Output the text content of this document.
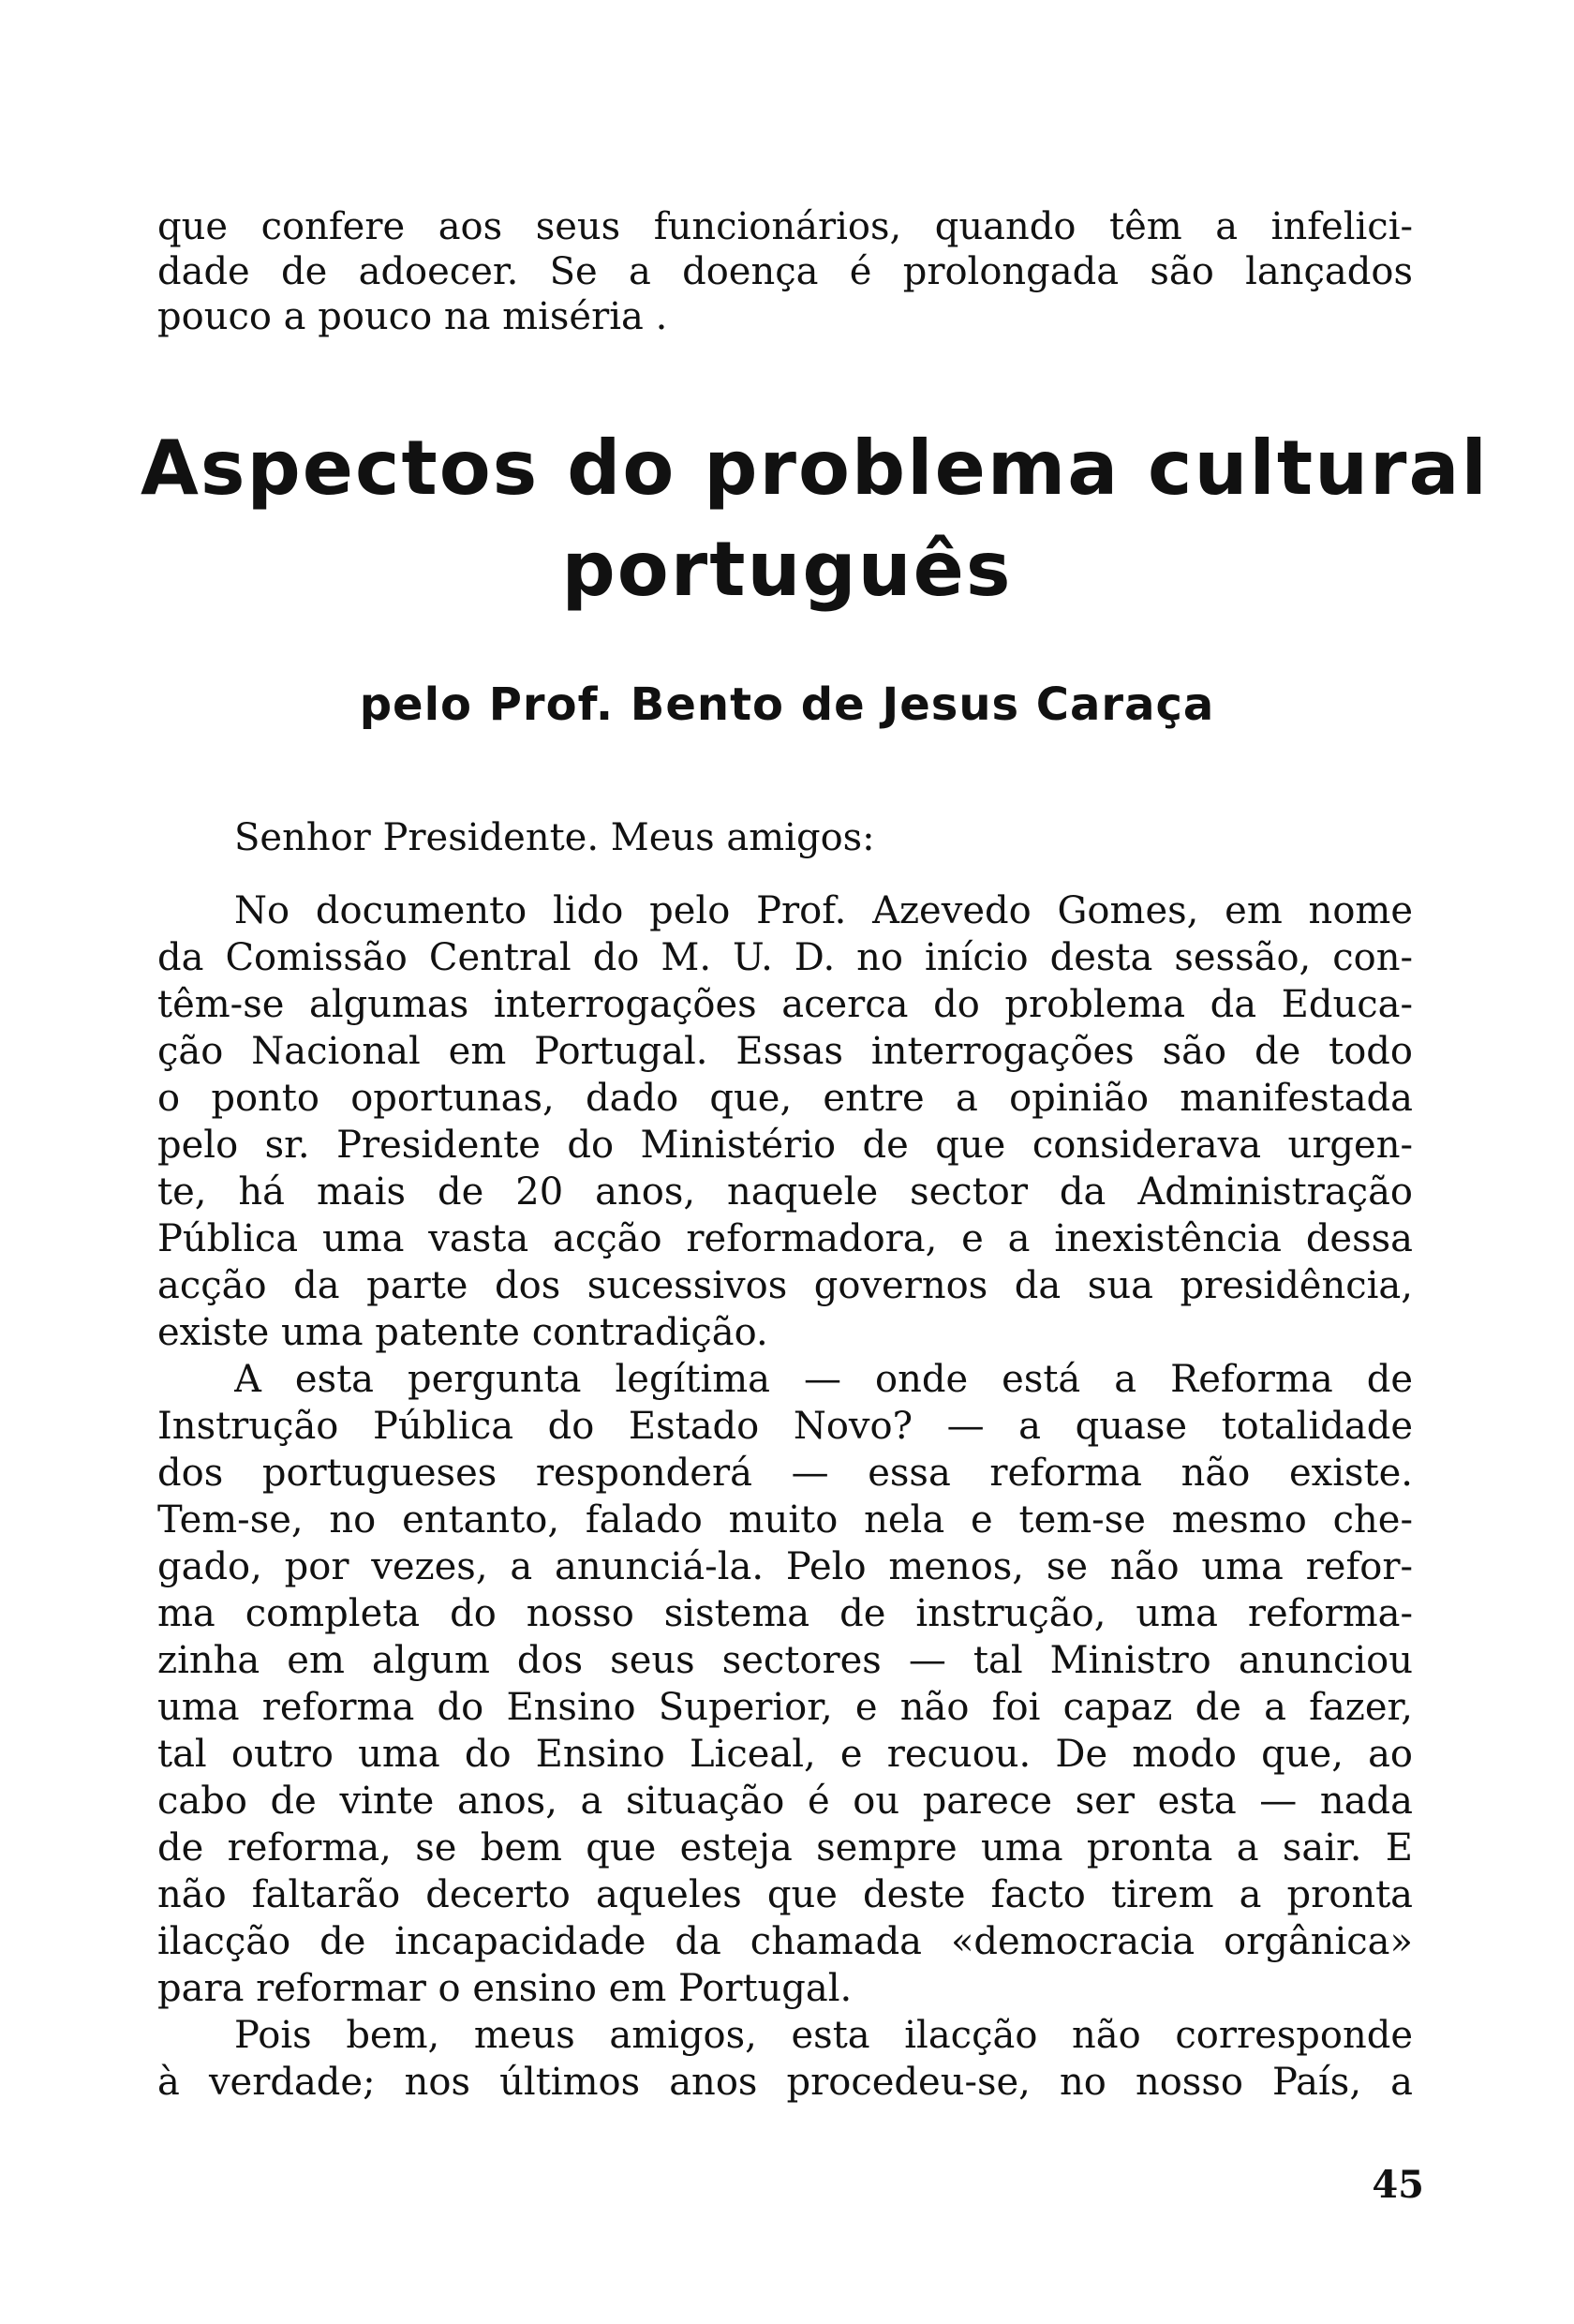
que confere aos seus funcionários, quando têm a infelici-
dade de adoecer. Se a doença é prolongada são lançados
pouco a pouco na miséria .
Aspectos do problema cultural
português
pelo Prof. Bento de Jesus Caraça
Senhor Presidente. Meus amigos:
No documento lido pelo Prof. Azevedo Gomes, em nome
da Comissão Central do M. U. D. no início desta sessão, con-
têm-se algumas interrogações acerca do problema da Educa-
ção Nacional em Portugal. Essas interrogações são de todo
o ponto oportunas, dado que, entre a opinião manifestada
pelo sr. Presidente do Ministério de que considerava urgen-
te, há mais de 20 anos, naquele sector da Administração
Pública uma vasta acção reformadora, e a inexistência dessa
acção da parte dos sucessivos governos da sua presidência,
existe uma patente contradição.
A esta pergunta legítima — onde está a Reforma de
Instrução Pública do Estado Novo? — a quase totalidade
dos portugueses responderá — essa reforma não existe.
Tem-se, no entanto, falado muito nela e tem-se mesmo che-
gado, por vezes, a anunciá-la. Pelo menos, se não uma refor-
ma completa do nosso sistema de instrução, uma reforma-
zinha em algum dos seus sectores — tal Ministro anunciou
uma reforma do Ensino Superior, e não foi capaz de a fazer,
tal outro uma do Ensino Liceal, e recuou. De modo que, ao
cabo de vinte anos, a situação é ou parece ser esta — nada
de reforma, se bem que esteja sempre uma pronta a sair. E
não faltarão decerto aqueles que deste facto tirem a pronta
ilacção de incapacidade da chamada «democracia orgânica»
para reformar o ensino em Portugal.
Pois bem, meus amigos, esta ilacção não corresponde
à verdade; nos últimos anos procedeu-se, no nosso País, a
45
